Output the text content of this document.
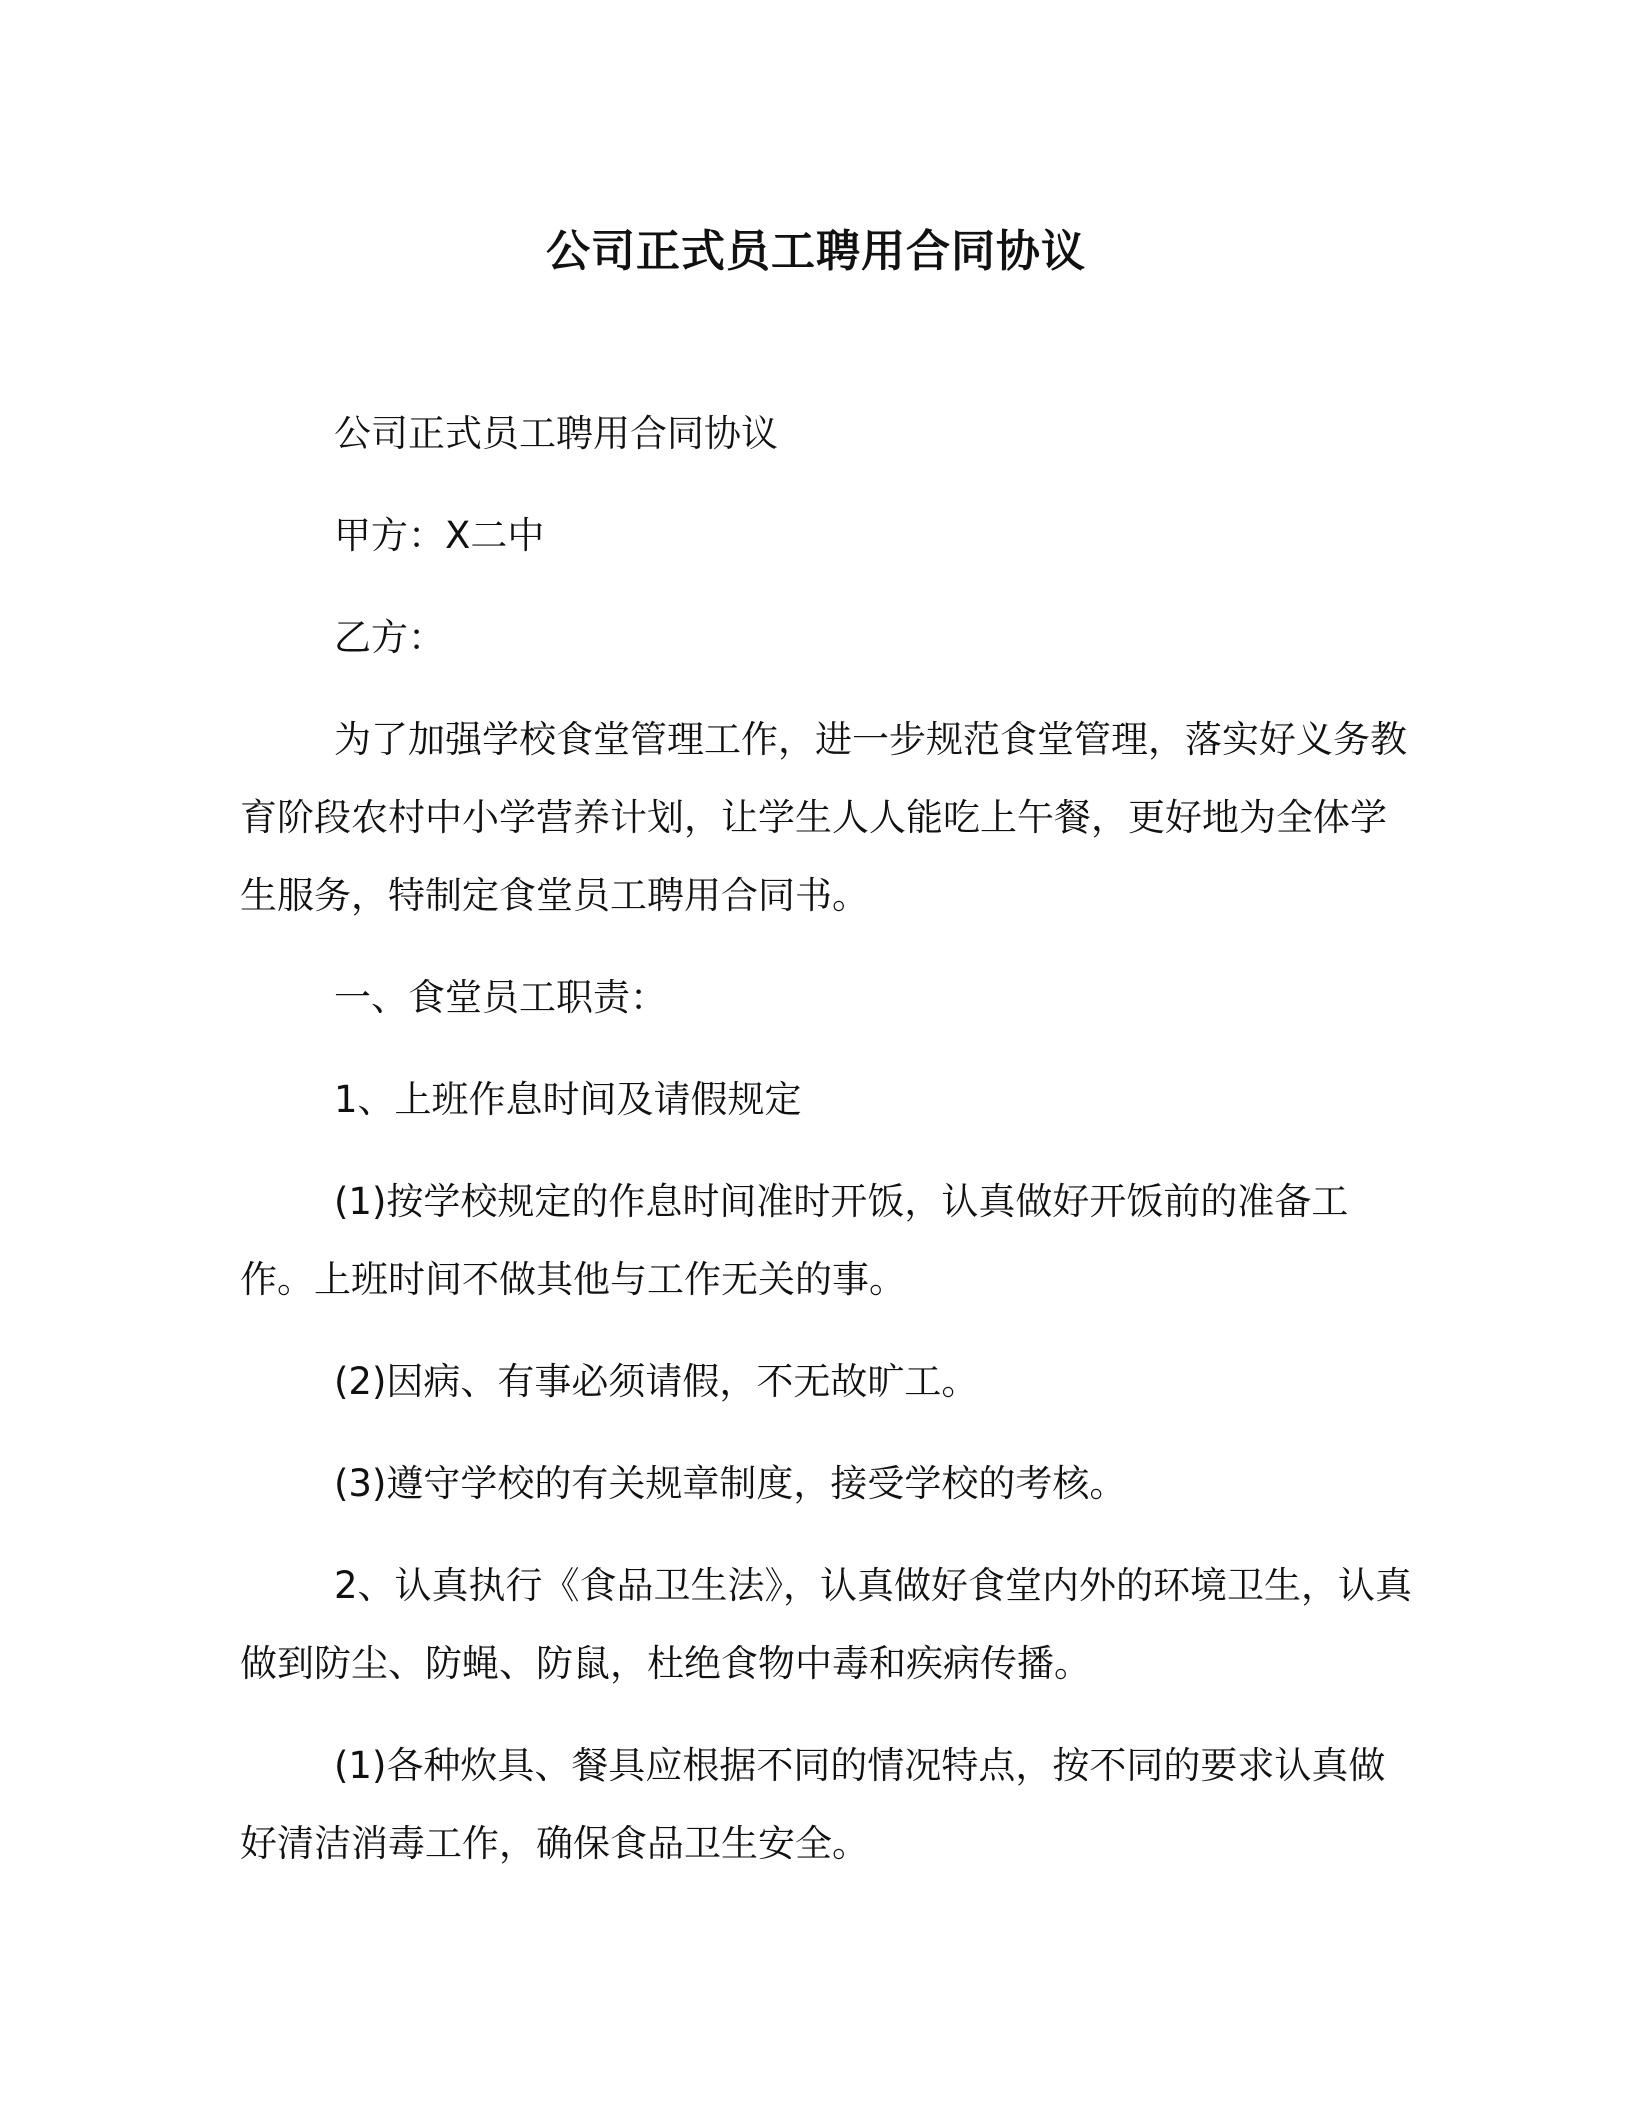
公司正式员工聘用合同协议

公司正式员工聘用合同协议

甲方：X二中

乙方：

为了加强学校食堂管理工作，进一步规范食堂管理，落实好义务教育阶段农村中小学营养计划，让学生人人能吃上午餐，更好地为全体学生服务，特制定食堂员工聘用合同书。

一、食堂员工职责：

1、上班作息时间及请假规定

(1)按学校规定的作息时间准时开饭，认真做好开饭前的准备工作。上班时间不做其他与工作无关的事。

(2)因病、有事必须请假，不无故旷工。

(3)遵守学校的有关规章制度，接受学校的考核。

2、认真执行《食品卫生法》，认真做好食堂内外的环境卫生，认真做到防尘、防蝇、防鼠，杜绝食物中毒和疾病传播。

(1)各种炊具、餐具应根据不同的情况特点，按不同的要求认真做好清洁消毒工作，确保食品卫生安全。
